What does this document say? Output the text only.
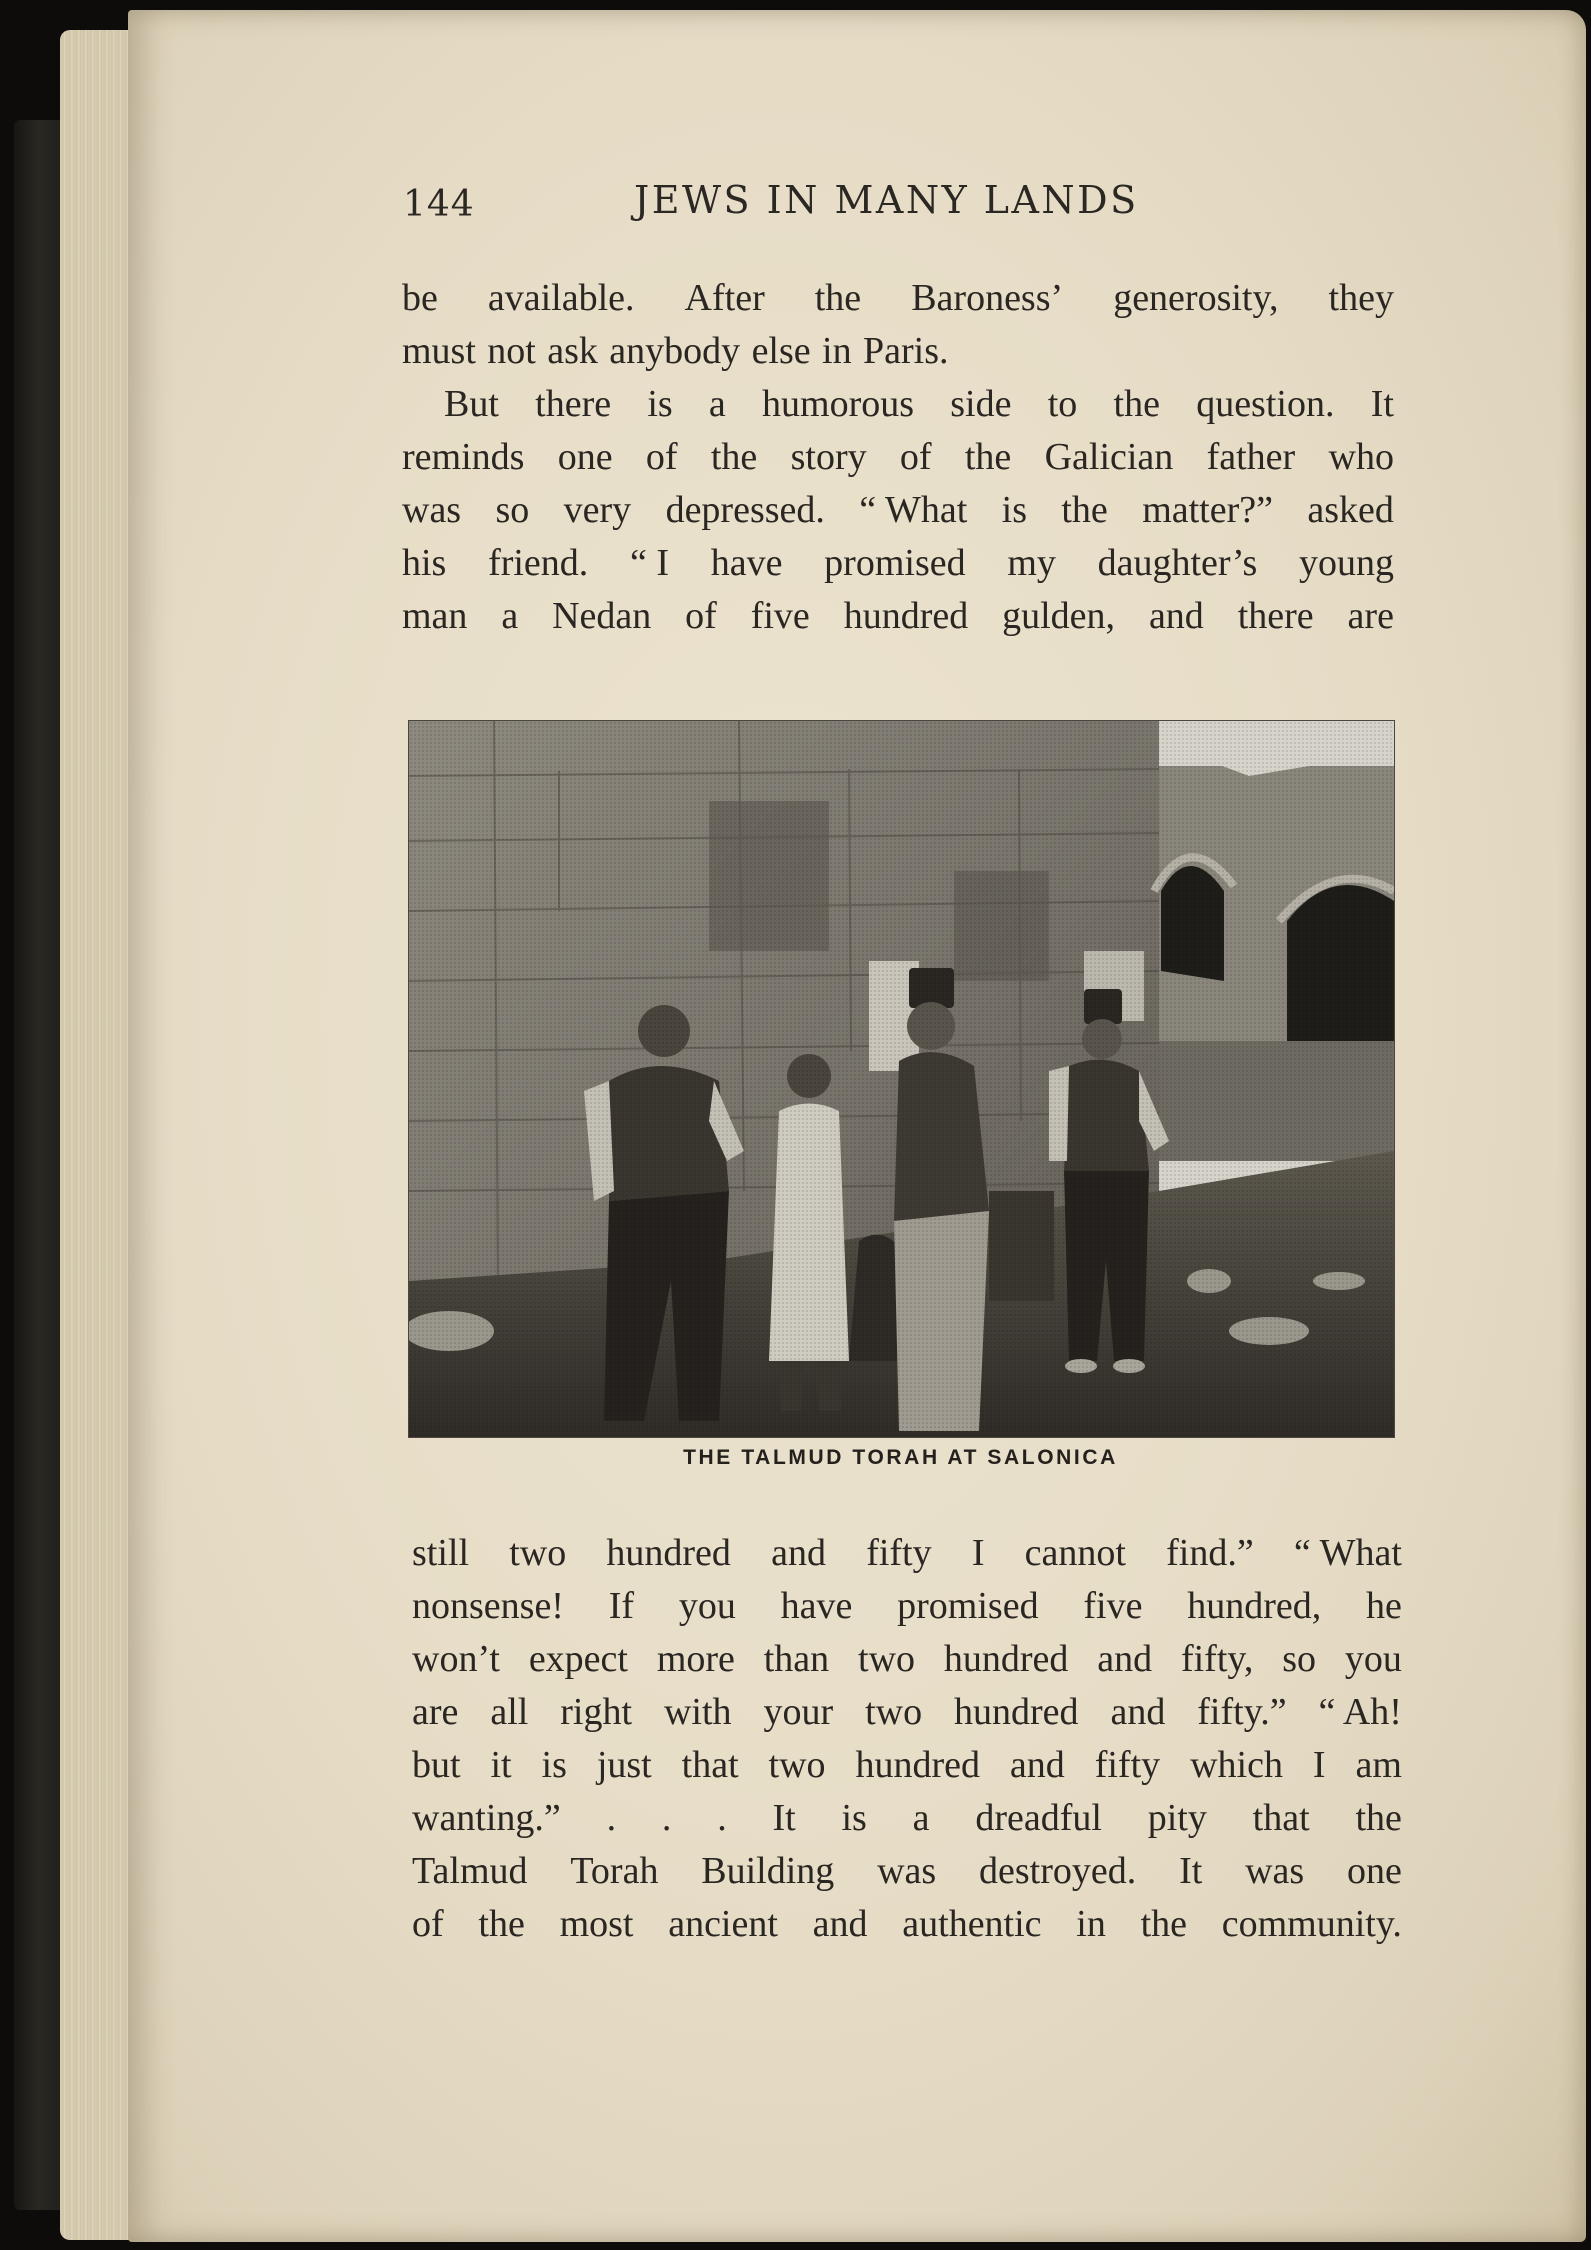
144	JEWS IN MANY LANDS
be available. After the Baroness’ generosity, they
must not ask anybody else in Paris.
But there is a humorous side to the question. It
reminds one of the story of the Galician father who
was so very depressed. “ What is the matter?” asked
his friend. “ I have promised my daughter’s young
man a Nedan of five hundred gulden, and there are
THE TALMUD TORAH AT SALONICA
still two hundred and fifty I cannot find.” “ What
nonsense! If you have promised five hundred, he
won’t expect more than two hundred and fifty, so you
are all right with your two hundred and fifty.” “ Ah!
but it is just that two hundred and fifty which I am
wanting.” . . . It is a dreadful pity that the
Talmud Torah Building was destroyed. It was one
of the most ancient and authentic in the community.
